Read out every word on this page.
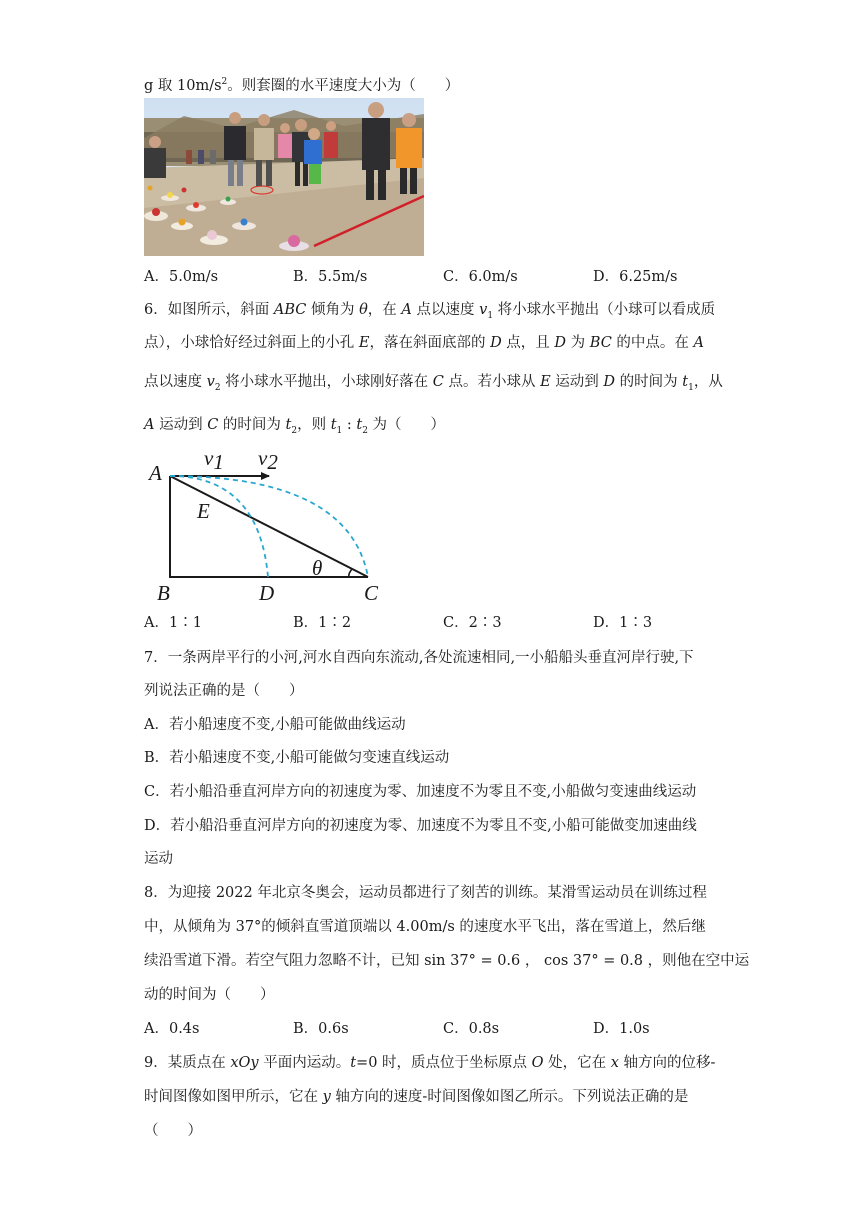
g 取 $10m/s^2$。则套圈的水平速度大小为（　　）
A．5.0m/s	B．5.5m/s	C．6.0m/s	D．6.25m/s
6．如图所示，斜面 ABC 倾角为 θ，在 A 点以速度 $v_1$ 将小球水平抛出（小球可以看成质
点），小球恰好经过斜面上的小孔 E，落在斜面底部的 D 点，且 D 为 BC 的中点。在 A
点以速度 $v_2$ 将小球水平抛出，小球刚好落在 C 点。若小球从 E 运动到 D 的时间为 $t_1$，从
A 运动到 C 的时间为 $t_2$，则 $t_1$ : $t_2$ 为（　　）
A
B	C
D
E
θ
v1 v2
A．1∶1	B．1∶2	C．2∶3	D．1∶3
7．一条两岸平行的小河,河水自西向东流动,各处流速相同,一小船船头垂直河岸行驶,下
列说法正确的是（　　）
A．若小船速度不变,小船可能做曲线运动
B．若小船速度不变,小船可能做匀变速直线运动
C．若小船沿垂直河岸方向的初速度为零、加速度不为零且不变,小船做匀变速曲线运动
D．若小船沿垂直河岸方向的初速度为零、加速度不为零且不变,小船可能做变加速曲线
运动
8．为迎接 2022 年北京冬奥会，运动员都进行了刻苦的训练。某滑雪运动员在训练过程
中，从倾角为 37°的倾斜直雪道顶端以 4.00m/s 的速度水平飞出，落在雪道上，然后继
续沿雪道下滑。若空气阻力忽略不计，已知 sin 37° = 0.6 ， cos 37° = 0.8 ，则他在空中运
动的时间为（　　）
A．0.4s	B．0.6s	C．0.8s	D．1.0s
9．某质点在 xOy 平面内运动。t=0 时，质点位于坐标原点 O 处，它在 x 轴方向的位移-
时间图像如图甲所示，它在 y 轴方向的速度-时间图像如图乙所示。下列说法正确的是
（　　）
